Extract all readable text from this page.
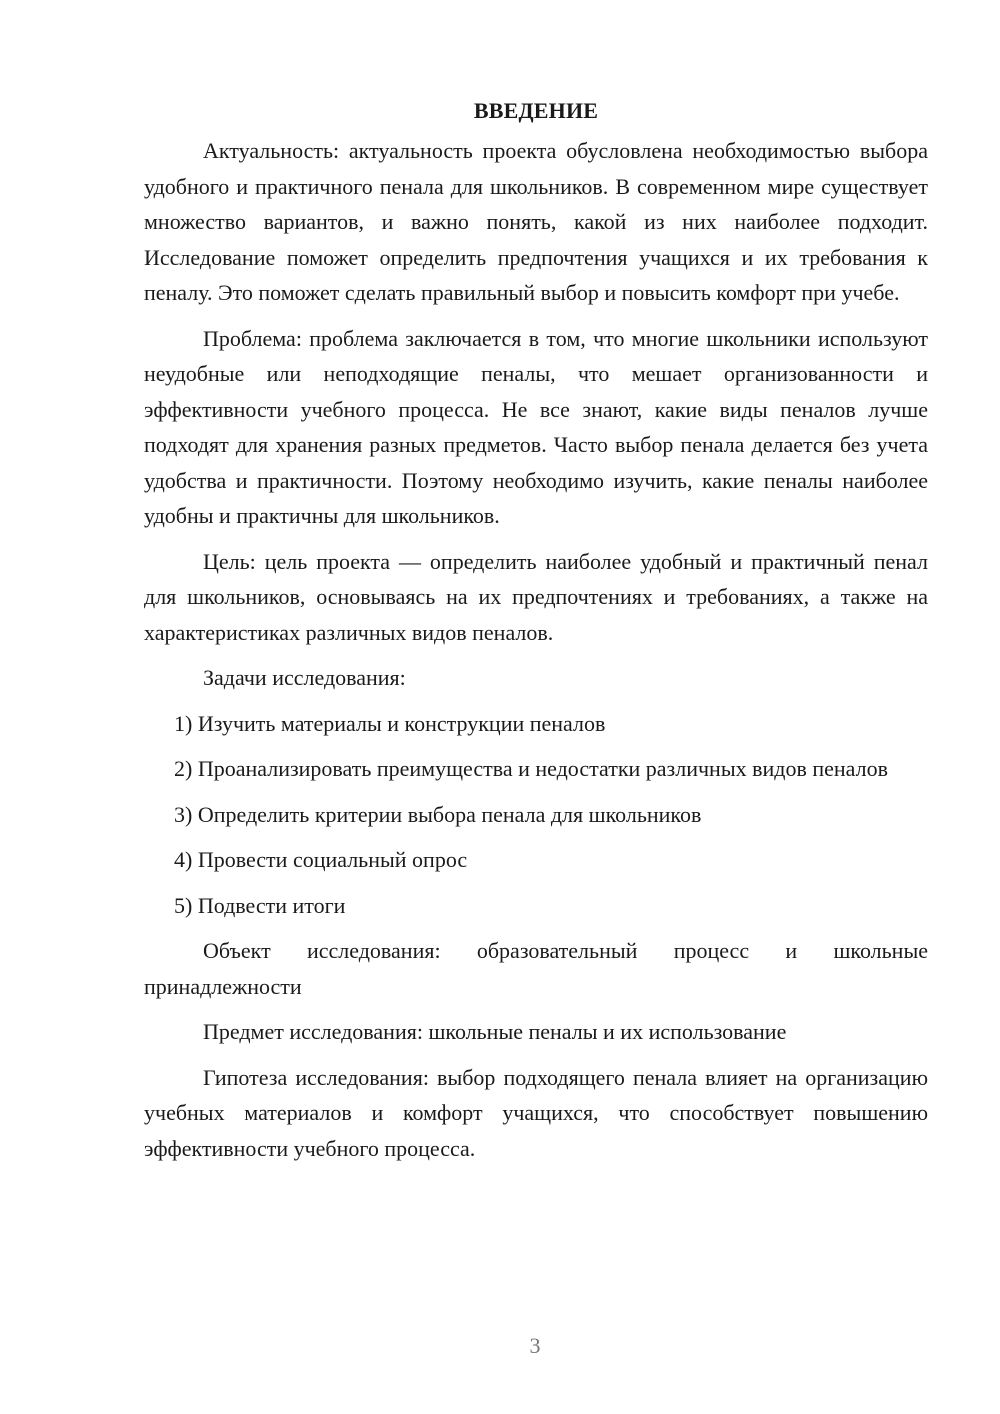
ВВЕДЕНИЕ

Актуальность: актуальность проекта обусловлена необходимостью выбора удобного и практичного пенала для школьников. В современном мире существует множество вариантов, и важно понять, какой из них наиболее подходит. Исследование поможет определить предпочтения учащихся и их требования к пеналу. Это поможет сделать правильный выбор и повысить комфорт при учебе.

Проблема: проблема заключается в том, что многие школьники используют неудобные или неподходящие пеналы, что мешает организованности и эффективности учебного процесса. Не все знают, какие виды пеналов лучше подходят для хранения разных предметов. Часто выбор пенала делается без учета удобства и практичности. Поэтому необходимо изучить, какие пеналы наиболее удобны и практичны для школьников.

Цель: цель проекта — определить наиболее удобный и практичный пенал для школьников, основываясь на их предпочтениях и требованиях, а также на характеристиках различных видов пеналов.

Задачи исследования:

1) Изучить материалы и конструкции пеналов

2) Проанализировать преимущества и недостатки различных видов пеналов

3) Определить критерии выбора пенала для школьников

4) Провести социальный опрос

5) Подвести итоги

Объект исследования: образовательный процесс и школьные принадлежности

Предмет исследования: школьные пеналы и их использование

Гипотеза исследования: выбор подходящего пенала влияет на организацию учебных материалов и комфорт учащихся, что способствует повышению эффективности учебного процесса.

3
